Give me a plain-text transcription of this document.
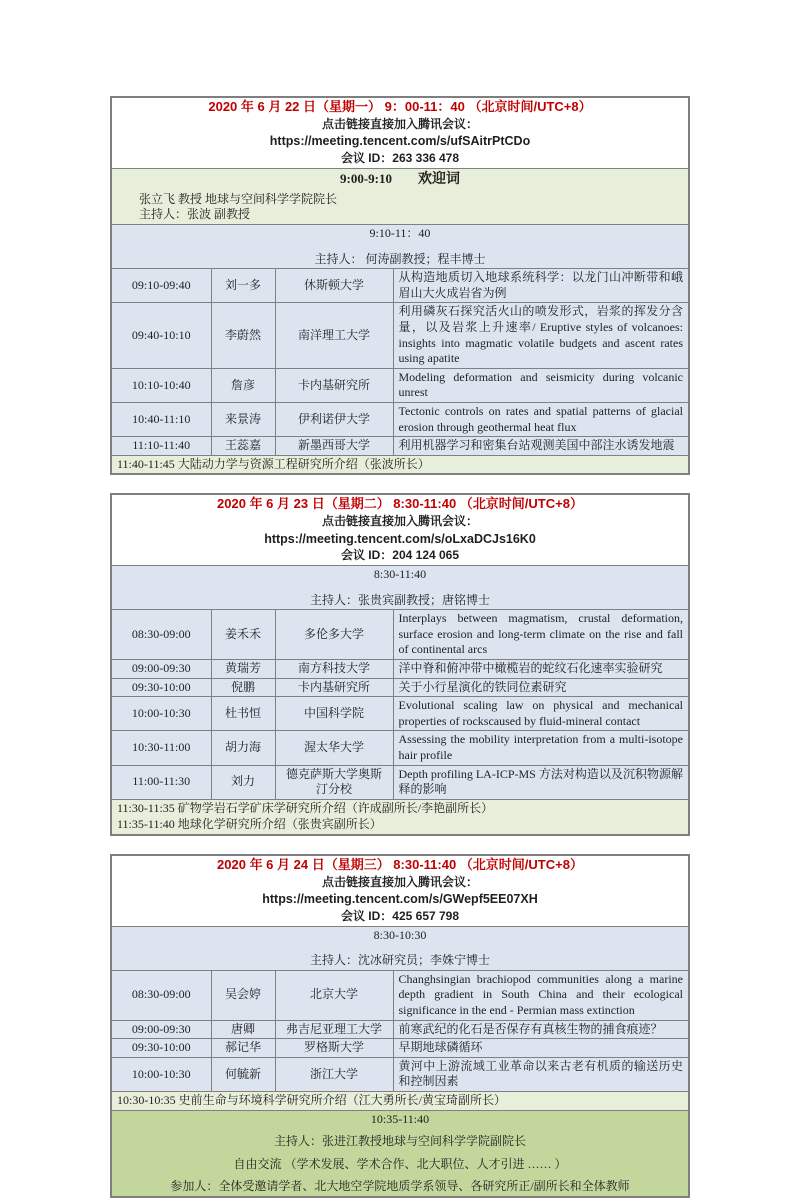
2020 年 6 月 22 日（星期一） 9：00-11：40 （北京时间/UTC+8）
点击链接直接加入腾讯会议：
https://meeting.tencent.com/s/ufSAitrPtCDo
会议 ID：263 336 478			

9:00-9:10 欢迎词
张立飞 教授 地球与空间科学学院院长
主持人：张波 副教授			

9:10-11：40
主持人： 何涛副教授；程丰博士			

09:10-09:40	刘一多	休斯顿大学	从构造地质切入地球系统科学：以龙门山冲断带和峨眉山大火成岩省为例
09:40-10:10	李蔚然	南洋理工大学	利用磷灰石探究活火山的喷发形式，岩浆的挥发分含量，以及岩浆上升速率/ Eruptive styles of volcanoes: insights into magmatic volatile budgets and ascent rates using apatite
10:10-10:40	詹彦	卡内基研究所	Modeling deformation and seismicity during volcanic unrest
10:40-11:10	来景涛	伊利诺伊大学	Tectonic controls on rates and spatial patterns of glacial erosion through geothermal heat flux
11:10-11:40	王蕊嘉	新墨西哥大学	利用机器学习和密集台站观测美国中部注水诱发地震

11:40-11:45 大陆动力学与资源工程研究所介绍（张波所长）			
2020 年 6 月 23 日（星期二） 8:30-11:40 （北京时间/UTC+8）
点击链接直接加入腾讯会议：
https://meeting.tencent.com/s/oLxaDCJs16K0
会议 ID：204 124 065			

8:30-11:40
主持人：张贵宾副教授；唐铭博士			

08:30-09:00	姜禾禾	多伦多大学	Interplays between magmatism, crustal deformation, surface erosion and long-term climate on the rise and fall of continental arcs
09:00-09:30	黄瑞芳	南方科技大学	洋中脊和俯冲带中橄榄岩的蛇纹石化速率实验研究
09:30-10:00	倪鹏	卡内基研究所	关于小行星演化的铁同位素研究
10:00-10:30	杜书恒	中国科学院	Evolutional scaling law on physical and mechanical properties of rockscaused by fluid-mineral contact
10:30-11:00	胡力海	渥太华大学	Assessing the mobility interpretation from a multi-isotope hair profile
11:00-11:30	刘力	德克萨斯大学奥斯汀分校	Depth profiling LA-ICP-MS 方法对构造以及沉积物源解释的影响

11:30-11:35 矿物学岩石学矿床学研究所介绍（许成副所长/李艳副所长）
11:35-11:40 地球化学研究所介绍（张贵宾副所长）			
2020 年 6 月 24 日（星期三） 8:30-11:40 （北京时间/UTC+8）
点击链接直接加入腾讯会议：
https://meeting.tencent.com/s/GWepf5EE07XH
会议 ID：425 657 798			

8:30-10:30
主持人：沈冰研究员；李姝宁博士			

08:30-09:00	吴会婷	北京大学	Changhsingian brachiopod communities along a marine depth gradient in South China and their ecological significance in the end - Permian mass extinction
09:00-09:30	唐卿	弗吉尼亚理工大学	前寒武纪的化石是否保存有真核生物的捕食痕迹？
09:30-10:00	郝记华	罗格斯大学	早期地球磷循环
10:00-10:30	何毓新	浙江大学	黄河中上游流域工业革命以来古老有机质的输送历史和控制因素

10:30-10:35 史前生命与环境科学研究所介绍（江大勇所长/黄宝琦副所长）			

10:35-11:40
主持人：张进江教授地球与空间科学学院副院长
自由交流 （学术发展、学术合作、北大职位、人才引进 …… ）
参加人：全体受邀请学者、北大地空学院地质学系领导、各研究所正/副所长和全体教师			
